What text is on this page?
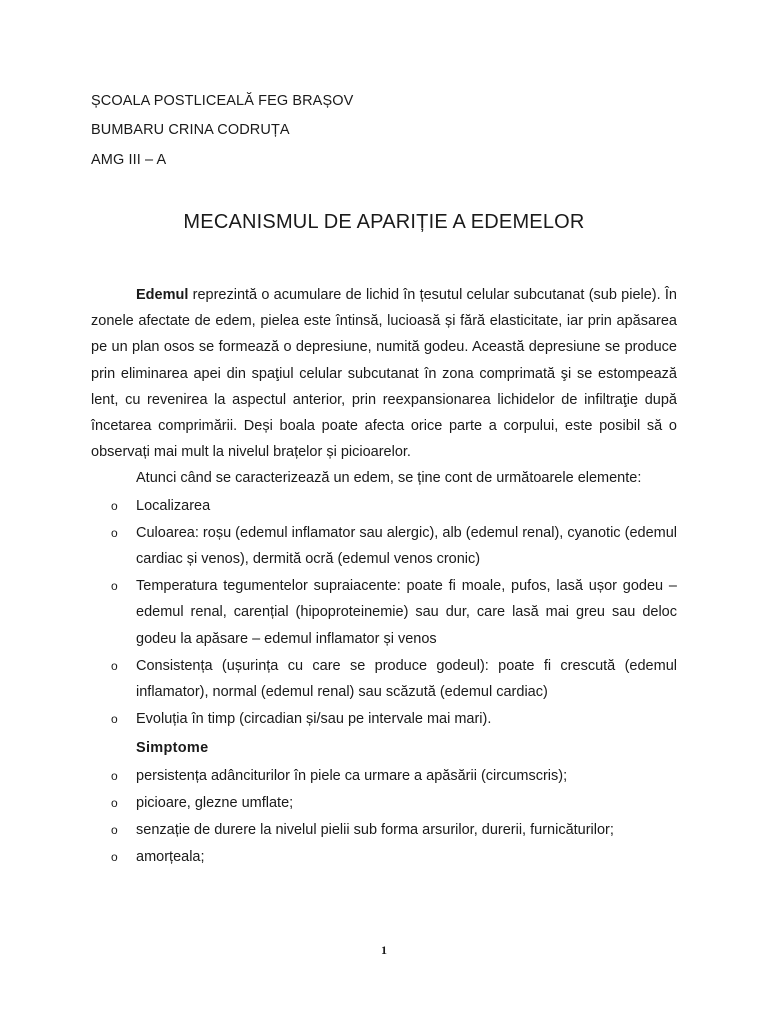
ȘCOALA POSTLICEALĂ FEG BRAȘOV
BUMBARU CRINA CODRUȚA
AMG III – A
MECANISMUL DE APARIȚIE A EDEMELOR

Edemul reprezintă o acumulare de lichid în țesutul celular subcutanat (sub piele). În zonele afectate de edem, pielea este întinsă, lucioasă și fără elasticitate, iar prin apăsarea pe un plan osos se formează o depresiune, numită godeu. Această depresiune se produce prin eliminarea apei din spaţiul celular subcutanat în zona comprimată şi se estompează lent, cu revenirea la aspectul anterior, prin reexpansionarea lichidelor de infiltraţie după încetarea comprimării. Deși boala poate afecta orice parte a corpului, este posibil să o observați mai mult la nivelul brațelor și picioarelor.

Atunci când se caracterizează un edem, se ține cont de următoarele elemente:

o Localizarea
o Culoarea: roșu (edemul inflamator sau alergic), alb (edemul renal), cyanotic (edemul cardiac și venos), dermită ocră (edemul venos cronic)
o Temperatura tegumentelor supraiacente: poate fi moale, pufos, lasă ușor godeu – edemul renal, carențial (hipoproteinemie) sau dur, care lasă mai greu sau deloc godeu la apăsare – edemul inflamator și venos
o Consistența (ușurința cu care se produce godeul): poate fi crescută (edemul inflamator), normal (edemul renal) sau scăzută (edemul cardiac)
o Evoluția în timp (circadian și/sau pe intervale mai mari).

Simptome

o persistența adânciturilor în piele ca urmare a apăsării (circumscris);
o picioare, glezne umflate;
o senzație de durere la nivelul pielii sub forma arsurilor, durerii, furnicăturilor;
o amorțeala;
1
